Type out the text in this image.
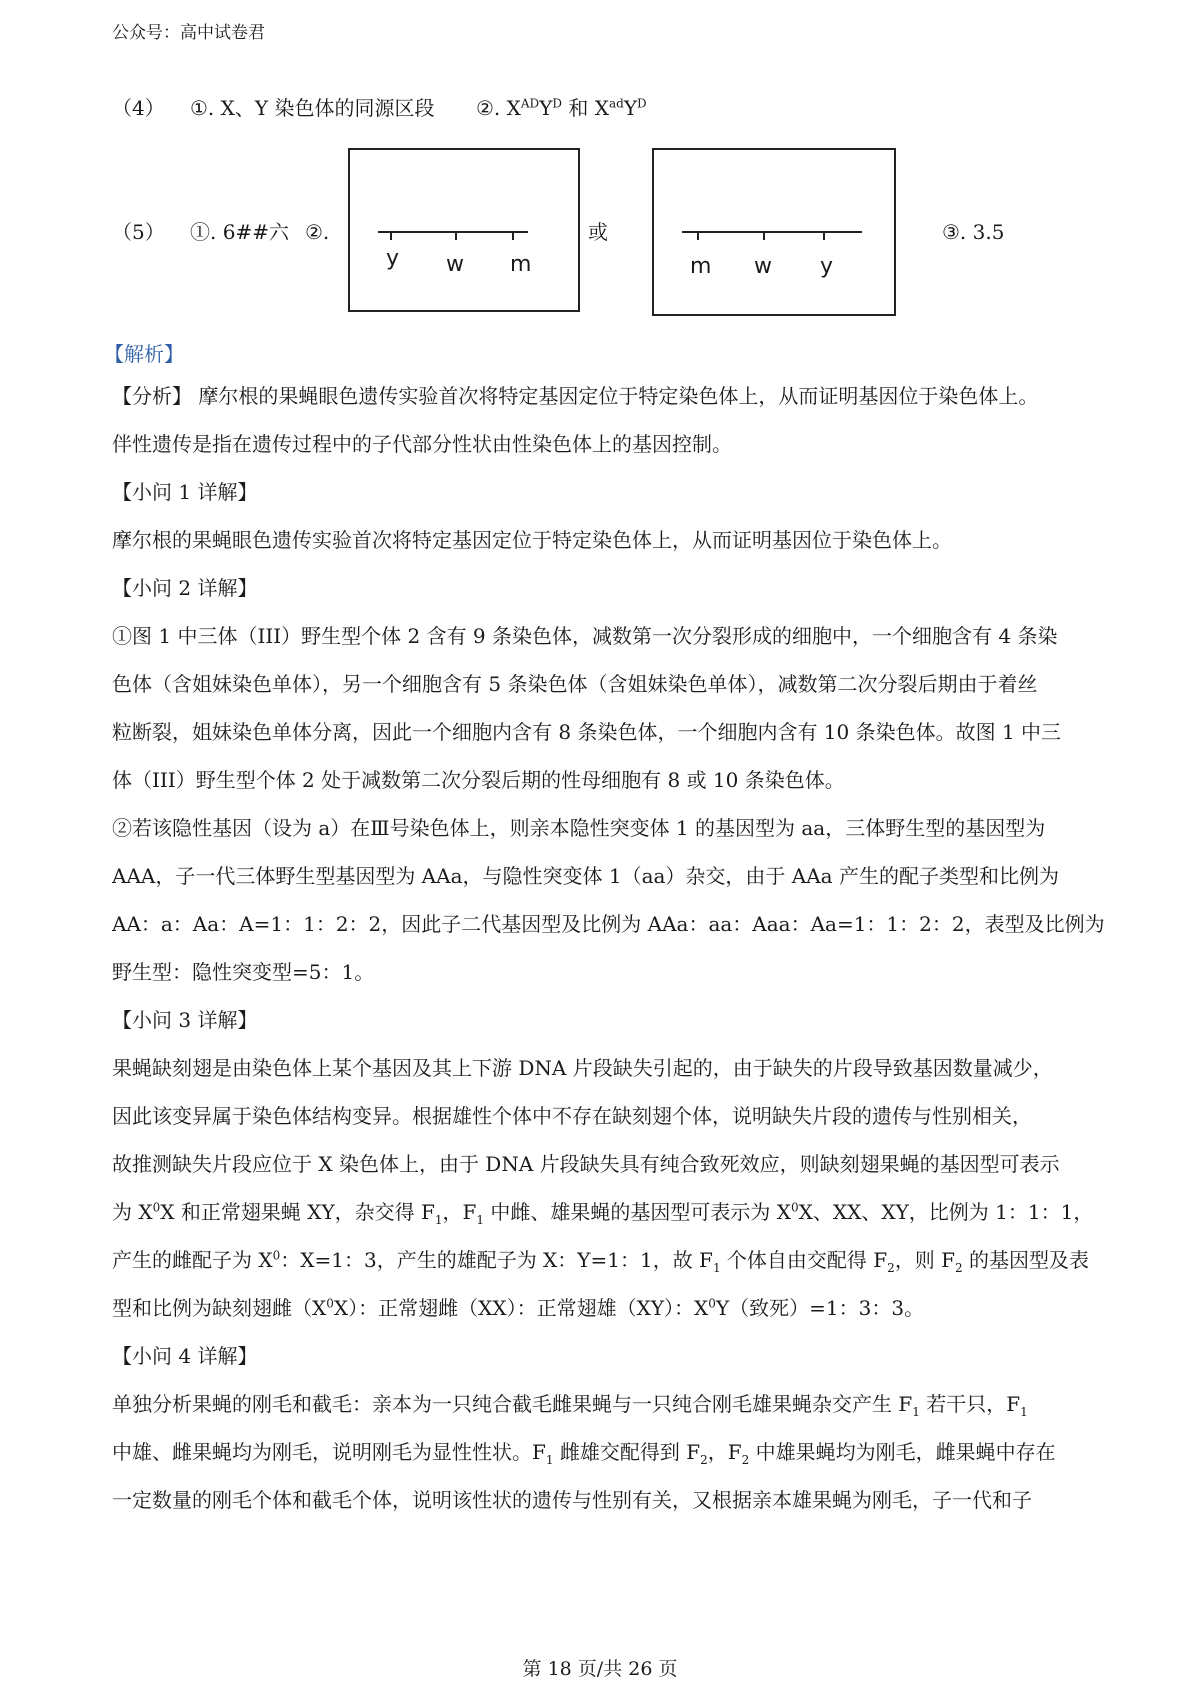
公众号：高中试卷君
（4） ①. X、Y 染色体的同源区段 ②. $X^{AD}Y^D$ 和 $X^{ad}Y^D$
（5） ①. 6##六 ②.
y w m
或
m w y
③. 3.5
【解析】
【分析】 摩尔根的果蝇眼色遗传实验首次将特定基因定位于特定染色体上，从而证明基因位于染色体上。
伴性遗传是指在遗传过程中的子代部分性状由性染色体上的基因控制。
【小问 1 详解】
摩尔根的果蝇眼色遗传实验首次将特定基因定位于特定染色体上，从而证明基因位于染色体上。
【小问 2 详解】
①图 1 中三体（III）野生型个体 2 含有 9 条染色体，减数第一次分裂形成的细胞中，一个细胞含有 4 条染
色体（含姐妹染色单体），另一个细胞含有 5 条染色体（含姐妹染色单体），减数第二次分裂后期由于着丝
粒断裂，姐妹染色单体分离，因此一个细胞内含有 8 条染色体，一个细胞内含有 10 条染色体。故图 1 中三
体（III）野生型个体 2 处于减数第二次分裂后期的性母细胞有 8 或 10 条染色体。
②若该隐性基因（设为 a）在Ⅲ号染色体上，则亲本隐性突变体 1 的基因型为 aa，三体野生型的基因型为
AAA，子一代三体野生型基因型为 AAa，与隐性突变体 1（aa）杂交，由于 AAa 产生的配子类型和比例为
AA：a：Aa：A=1：1：2：2，因此子二代基因型及比例为 AAa：aa：Aaa：Aa=1：1：2：2，表型及比例为
野生型：隐性突变型=5：1。
【小问 3 详解】
果蝇缺刻翅是由染色体上某个基因及其上下游 DNA 片段缺失引起的，由于缺失的片段导致基因数量减少，
因此该变异属于染色体结构变异。根据雄性个体中不存在缺刻翅个体，说明缺失片段的遗传与性别相关，
故推测缺失片段应位于 X 染色体上，由于 DNA 片段缺失具有纯合致死效应，则缺刻翅果蝇的基因型可表示
为 $X^0X$ 和正常翅果蝇 XY，杂交得 $F_1$，$F_1$ 中雌、雄果蝇的基因型可表示为 $X^0X$、XX、XY，比例为 1：1：1，
产生的雌配子为 $X^0$：X=1：3，产生的雄配子为 X：Y=1：1，故 $F_1$ 个体自由交配得 $F_2$，则 $F_2$ 的基因型及表
型和比例为缺刻翅雌$(X^0X)$：正常翅雌（XX）：正常翅雄（XY）：$X^0Y$（致死）=1：3：3。
【小问 4 详解】
单独分析果蝇的刚毛和截毛：亲本为一只纯合截毛雌果蝇与一只纯合刚毛雄果蝇杂交产生 $F_1$ 若干只，$F_1$
中雄、雌果蝇均为刚毛，说明刚毛为显性性状。$F_1$ 雌雄交配得到 $F_2$，$F_2$ 中雄果蝇均为刚毛，雌果蝇中存在
一定数量的刚毛个体和截毛个体，说明该性状的遗传与性别有关，又根据亲本雄果蝇为刚毛，子一代和子
第 18 页/共 26 页
